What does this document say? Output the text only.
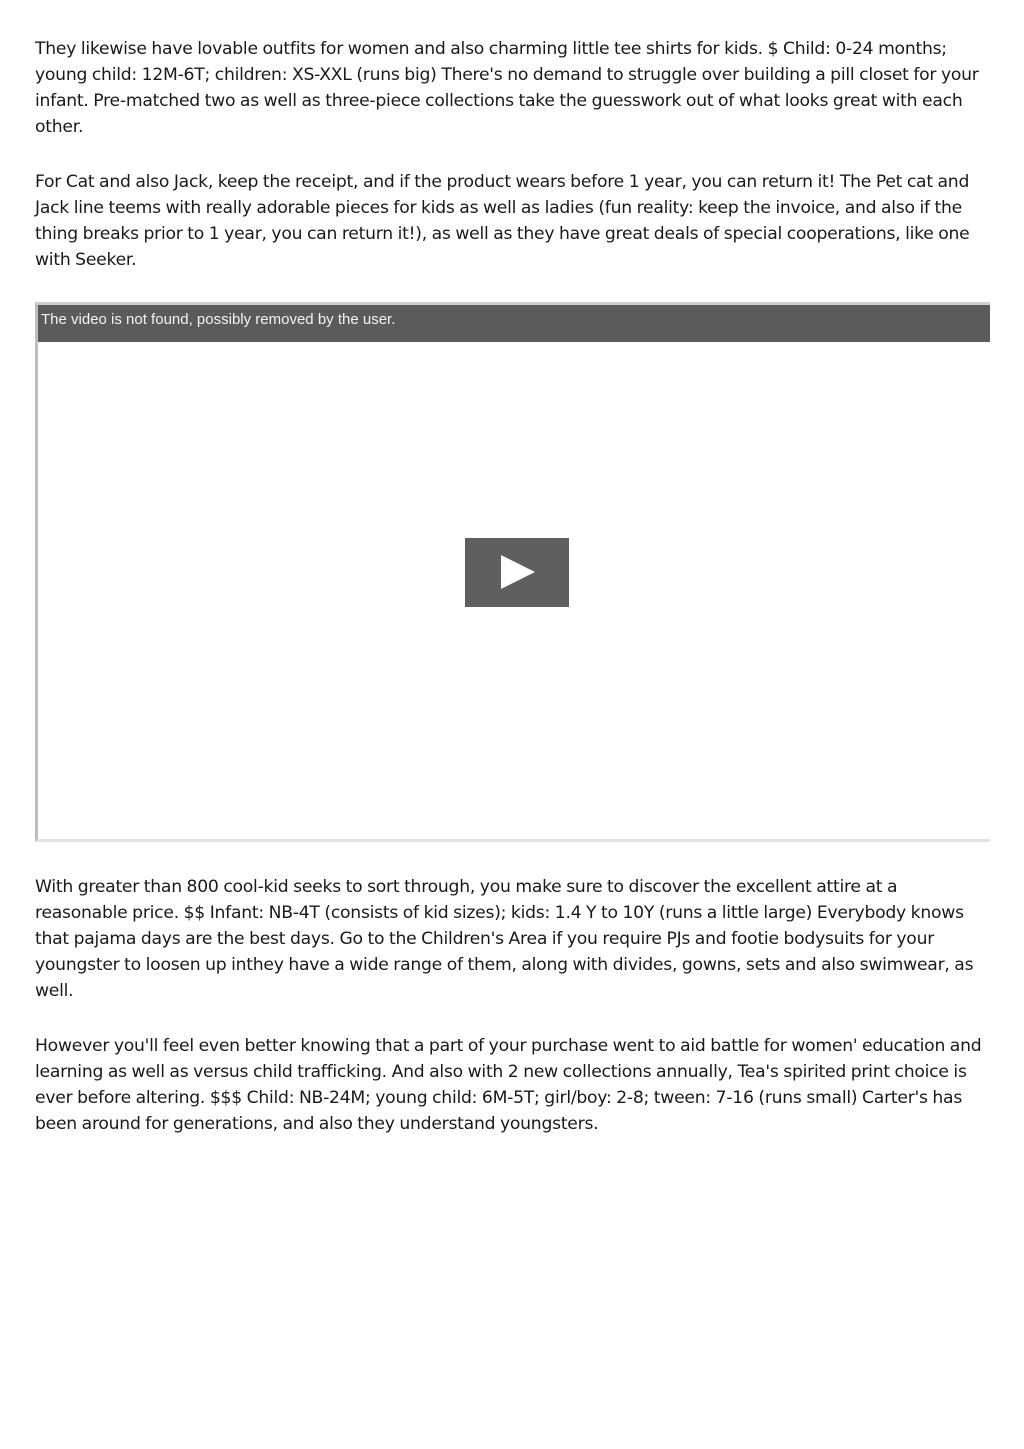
They likewise have lovable outfits for women and also charming little tee shirts for kids. $ Child: 0-24 months; young child: 12M-6T; children: XS-XXL (runs big) There's no demand to struggle over building a pill closet for your infant. Pre-matched two as well as three-piece collections take the guesswork out of what looks great with each other.

For Cat and also Jack, keep the receipt, and if the product wears before 1 year, you can return it! The Pet cat and Jack line teems with really adorable pieces for kids as well as ladies (fun reality: keep the invoice, and also if the thing breaks prior to 1 year, you can return it!), as well as they have great deals of special cooperations, like one with Seeker.

The video is not found, possibly removed by the user.

With greater than 800 cool-kid seeks to sort through, you make sure to discover the excellent attire at a reasonable price. $$ Infant: NB-4T (consists of kid sizes); kids: 1.4 Y to 10Y (runs a little large) Everybody knows that pajama days are the best days. Go to the Children's Area if you require PJs and footie bodysuits for your youngster to loosen up inthey have a wide range of them, along with divides, gowns, sets and also swimwear, as well.

However you'll feel even better knowing that a part of your purchase went to aid battle for women' education and learning as well as versus child trafficking. And also with 2 new collections annually, Tea's spirited print choice is ever before altering. $$$ Child: NB-24M; young child: 6M-5T; girl/boy: 2-8; tween: 7-16 (runs small) Carter's has been around for generations, and also they understand youngsters.
